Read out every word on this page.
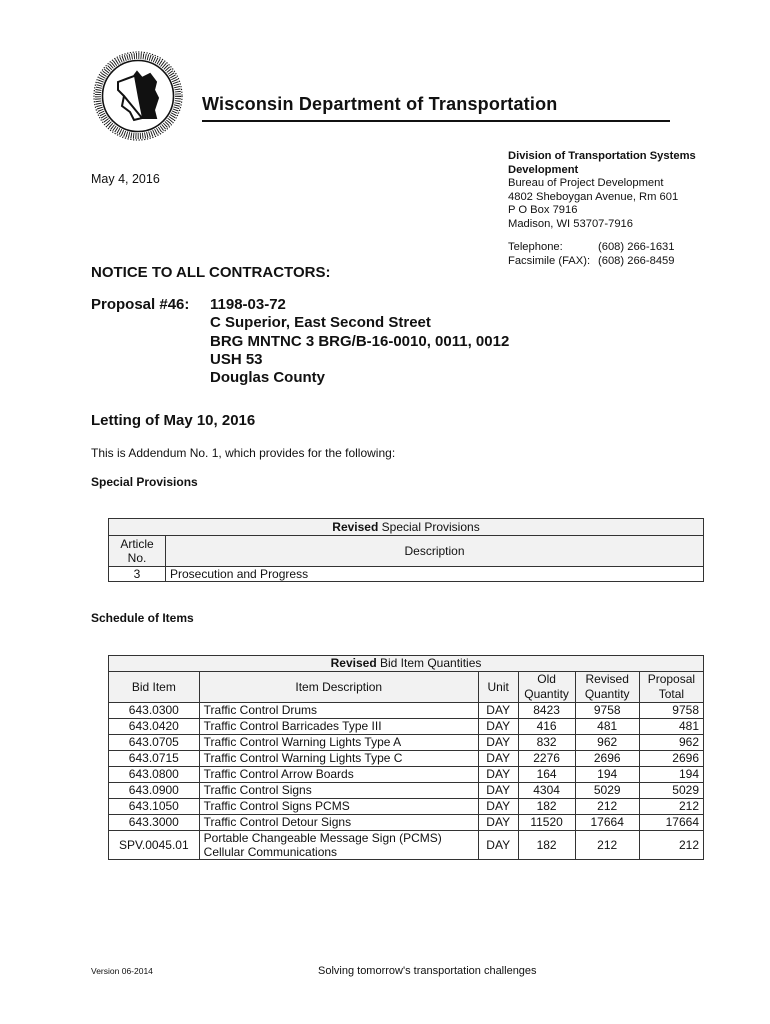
Wisconsin Department of Transportation
Division of Transportation Systems
Development
Bureau of Project Development
4802 Sheboygan Avenue, Rm 601
P O Box 7916
Madison, WI 53707-7916
Telephone:	(608) 266-1631
Facsimile (FAX): (608) 266-8459
May 4, 2016
NOTICE TO ALL CONTRACTORS:
Proposal #46: 1198-03-72
C Superior, East Second Street
BRG MNTNC 3 BRG/B-16-0010, 0011, 0012
USH 53
Douglas County
Letting of May 10, 2016
This is Addendum No. 1, which provides for the following:
Special Provisions
Revised Special Provisions	
Article No.	Description
3	Prosecution and Progress
Schedule of Items
Revised Bid Item Quantities					
Bid Item	Item Description	Unit	Old Quantity	Revised Quantity	Proposal Total
643.0300	Traffic Control Drums	DAY	8423	9758	9758
643.0420	Traffic Control Barricades Type III	DAY	416	481	481
643.0705	Traffic Control Warning Lights Type A	DAY	832	962	962
643.0715	Traffic Control Warning Lights Type C	DAY	2276	2696	2696
643.0800	Traffic Control Arrow Boards	DAY	164	194	194
643.0900	Traffic Control Signs	DAY	4304	5029	5029
643.1050	Traffic Control Signs PCMS	DAY	182	212	212
643.3000	Traffic Control Detour Signs	DAY	11520	17664	17664
SPV.0045.01	Portable Changeable Message Sign (PCMS) Cellular Communications	DAY	182	212	212
Version 06-2014	Solving tomorrow's transportation challenges
